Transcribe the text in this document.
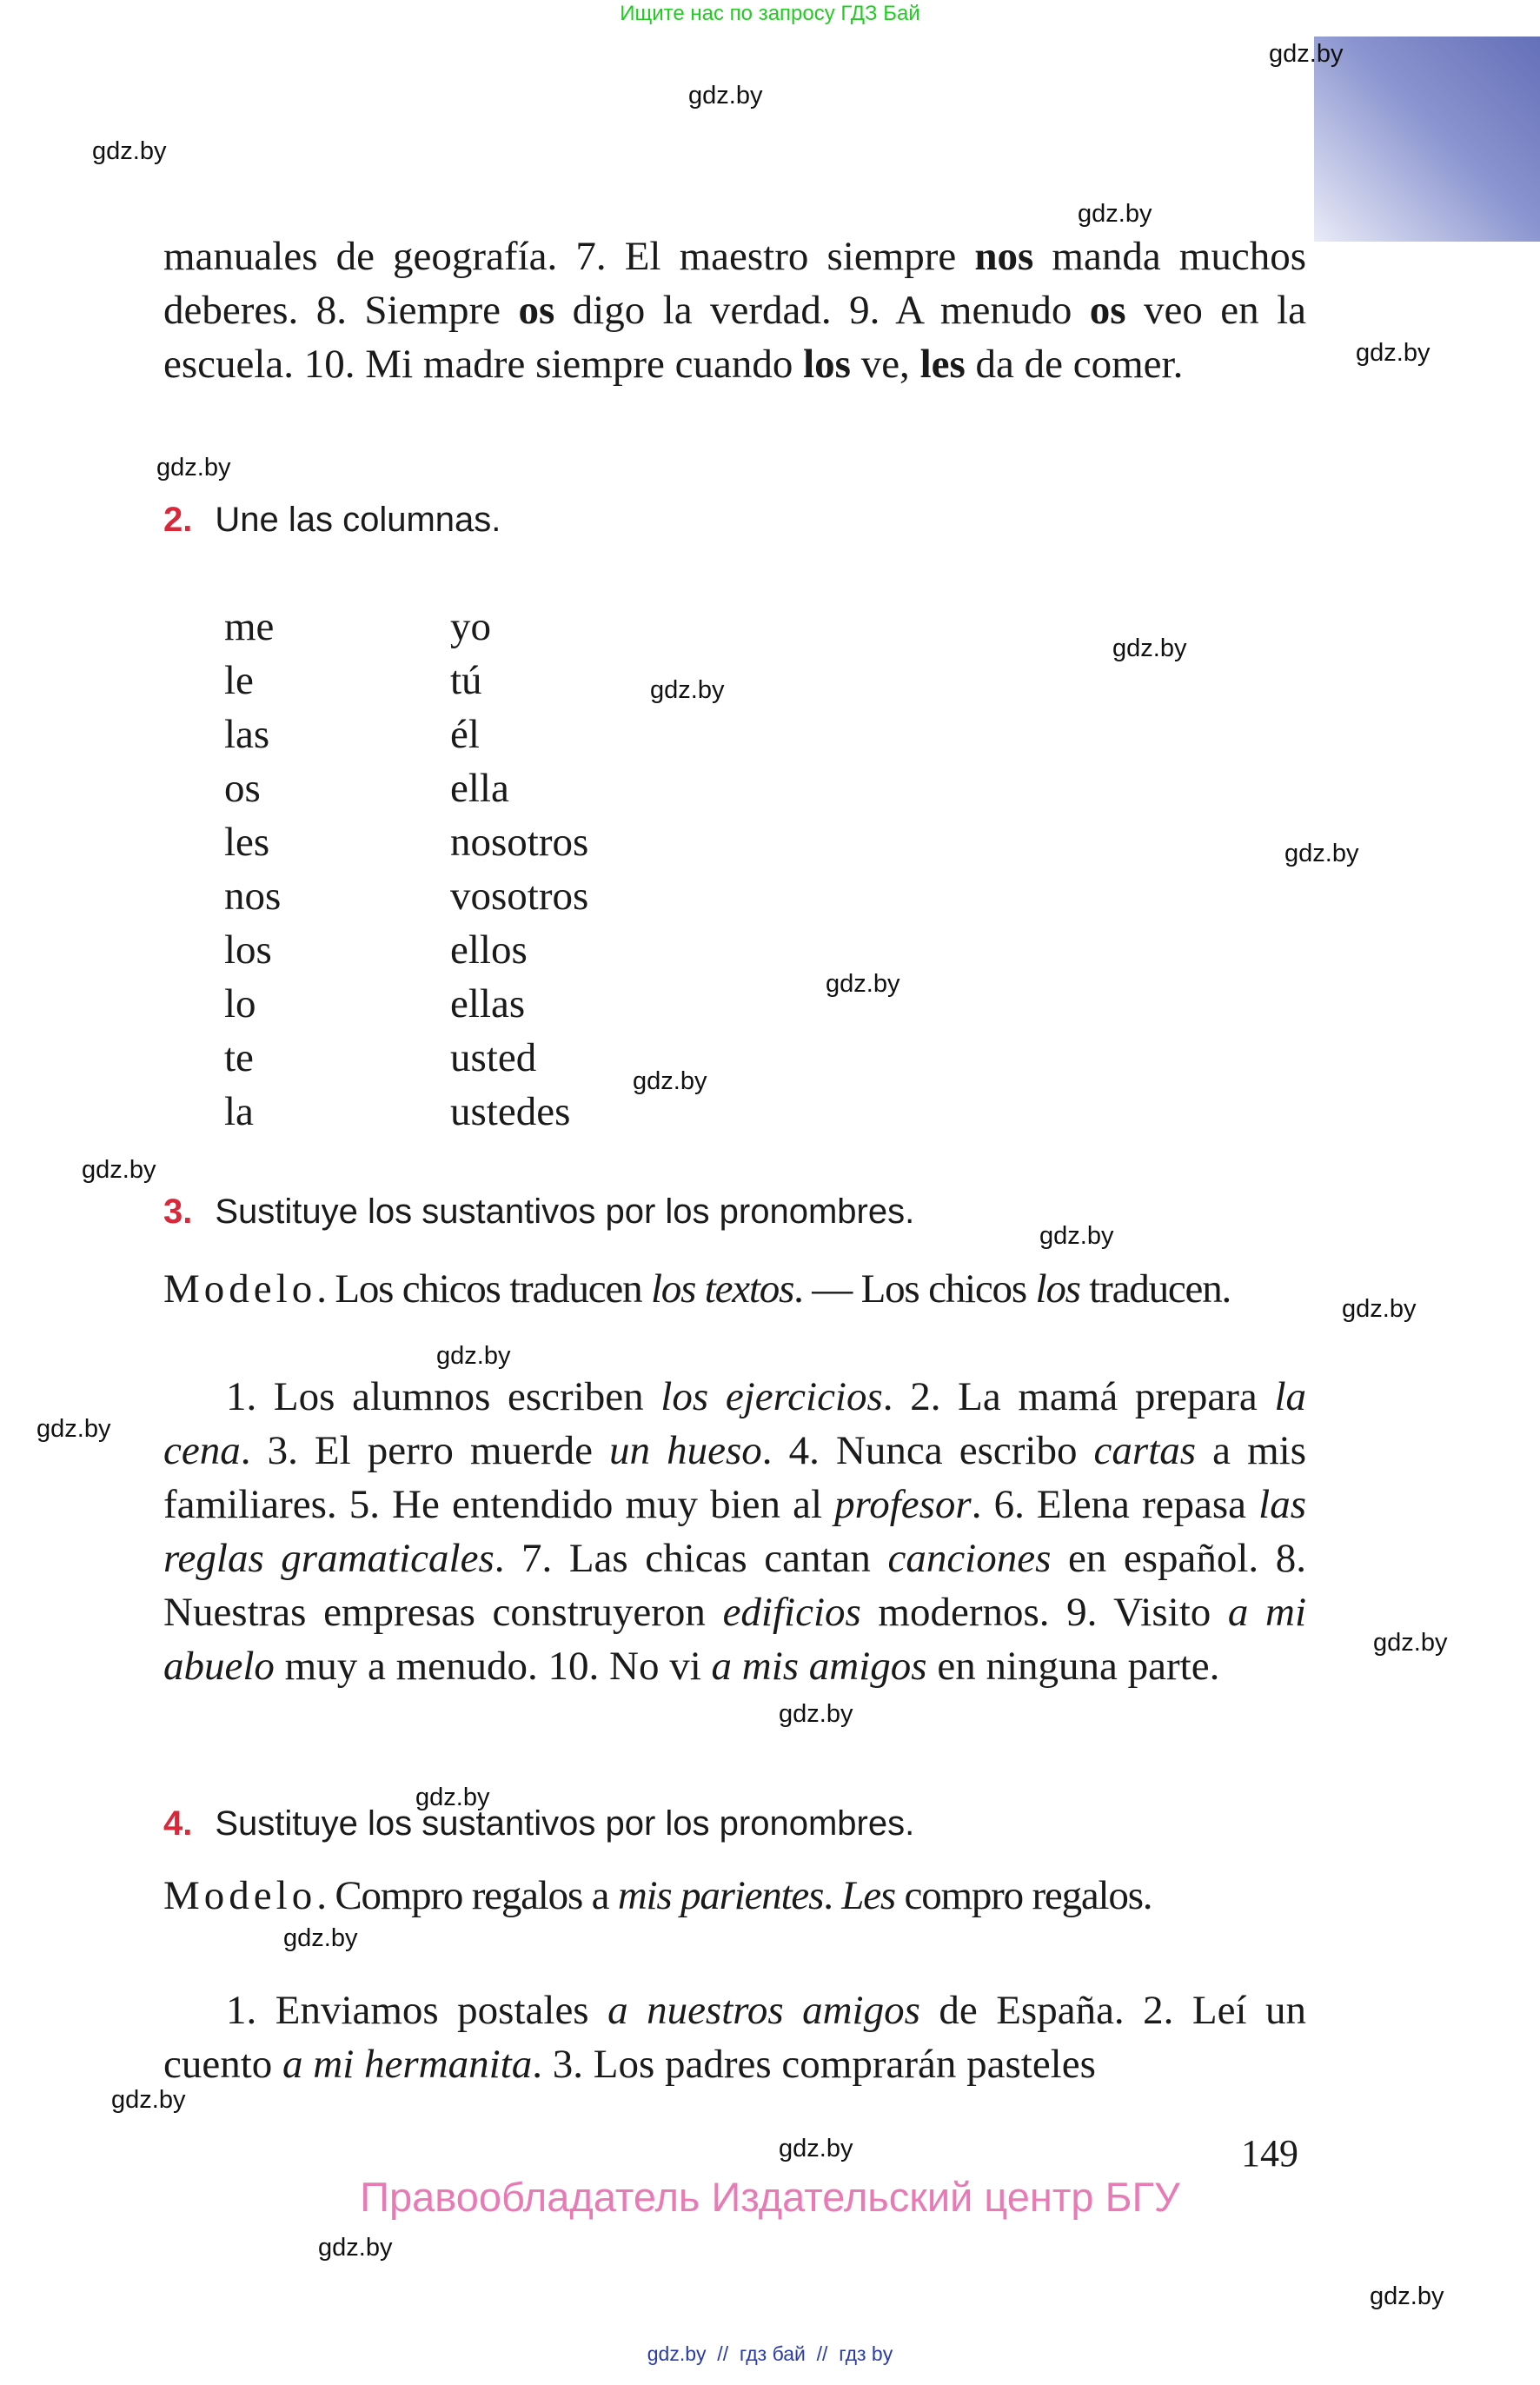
Ищите нас по запросу ГДЗ Бай
gdz.by
gdz.by
gdz.by
gdz.by
gdz.by
gdz.by
gdz.by
gdz.by
gdz.by
gdz.by
gdz.by
gdz.by
gdz.by
gdz.by
gdz.by
gdz.by
gdz.by
gdz.by
gdz.by
gdz.by
gdz.by
gdz.by
gdz.by
gdz.by
manuales de geografía. 7. El maestro siempre nos manda muchos deberes. 8. Siempre os digo la verdad. 9. A menudo os veo en la escuela. 10. Mi madre siempre cuando los ve, les da de comer.
2. Une las columnas.
me
le
las
os
les
nos
los
lo
te
la
yo
tú
él
ella
nosotros
vosotros
ellos
ellas
usted
ustedes
3. Sustituye los sustantivos por los pronombres.
Modelo. Los chicos traducen los textos. — Los chicos los traducen.
1. Los alumnos escriben los ejercicios. 2. La mamá prepara la cena. 3. El perro muerde un hueso. 4. Nunca escribo cartas a mis familiares. 5. He entendido muy bien al profesor. 6. Elena repasa las reglas gramaticales. 7. Las chicas cantan canciones en español. 8. Nuestras empresas construyeron edificios modernos. 9. Visito a mi abuelo muy a menudo. 10. No vi a mis amigos en ninguna parte.
4. Sustituye los sustantivos por los pronombres.
Modelo. Compro regalos a mis parientes. Les compro regalos.
1. Enviamos postales a nuestros amigos de España. 2. Leí un cuento a mi hermanita. 3. Los padres comprarán pasteles
149
Правообладатель Издательский центр БГУ
gdz.by  //  гдз бай  //  гдз by
